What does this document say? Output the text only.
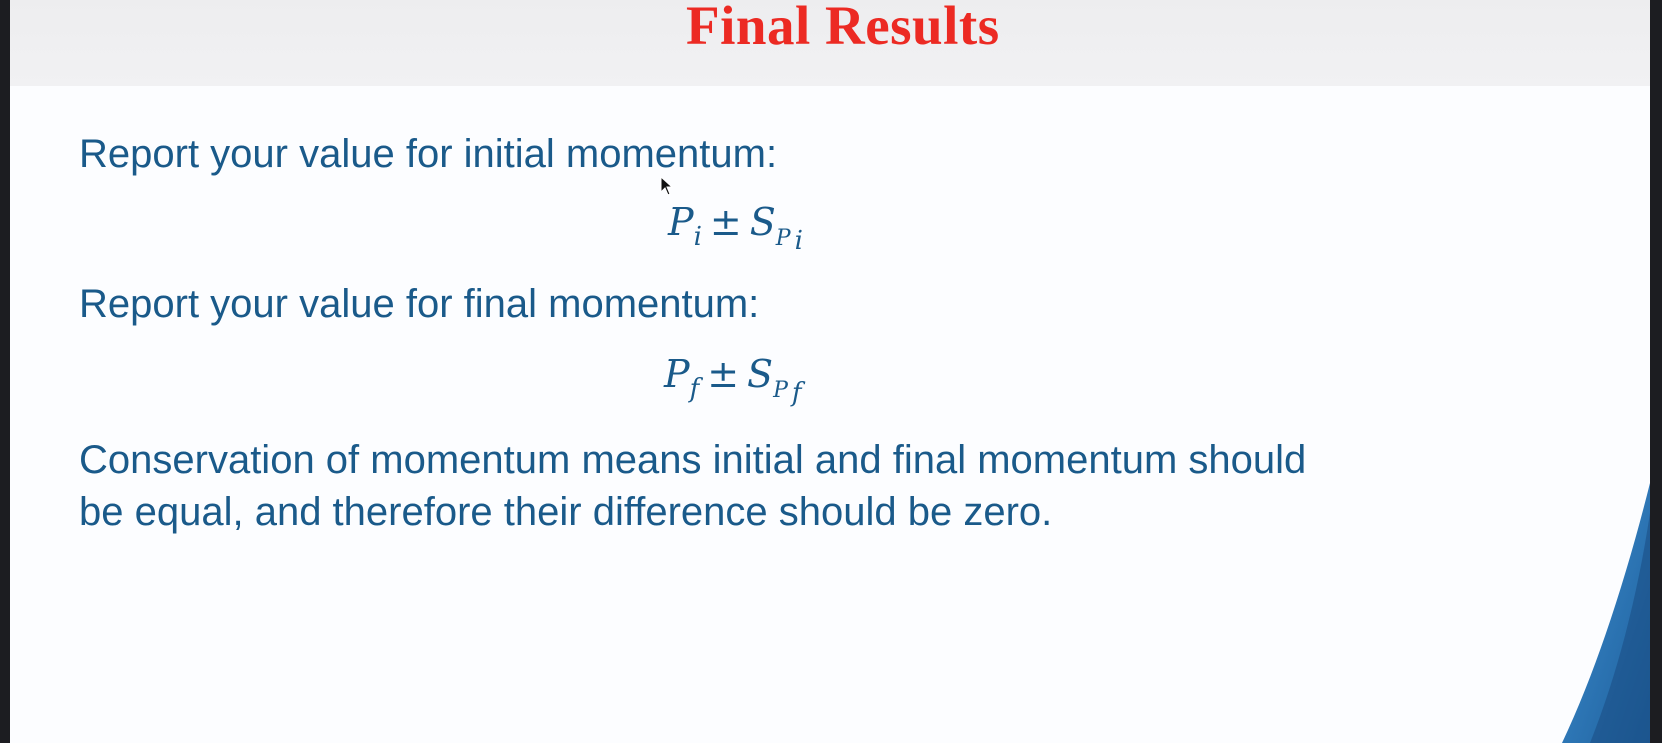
Final Results
Report your value for initial momentum:
$P_i \pm S_P$ $_i$
Report your value for final momentum:
$P_f \pm S_P$ $_f$
Conservation of momentum means initial and final momentum should
be equal, and therefore their difference should be zero.
